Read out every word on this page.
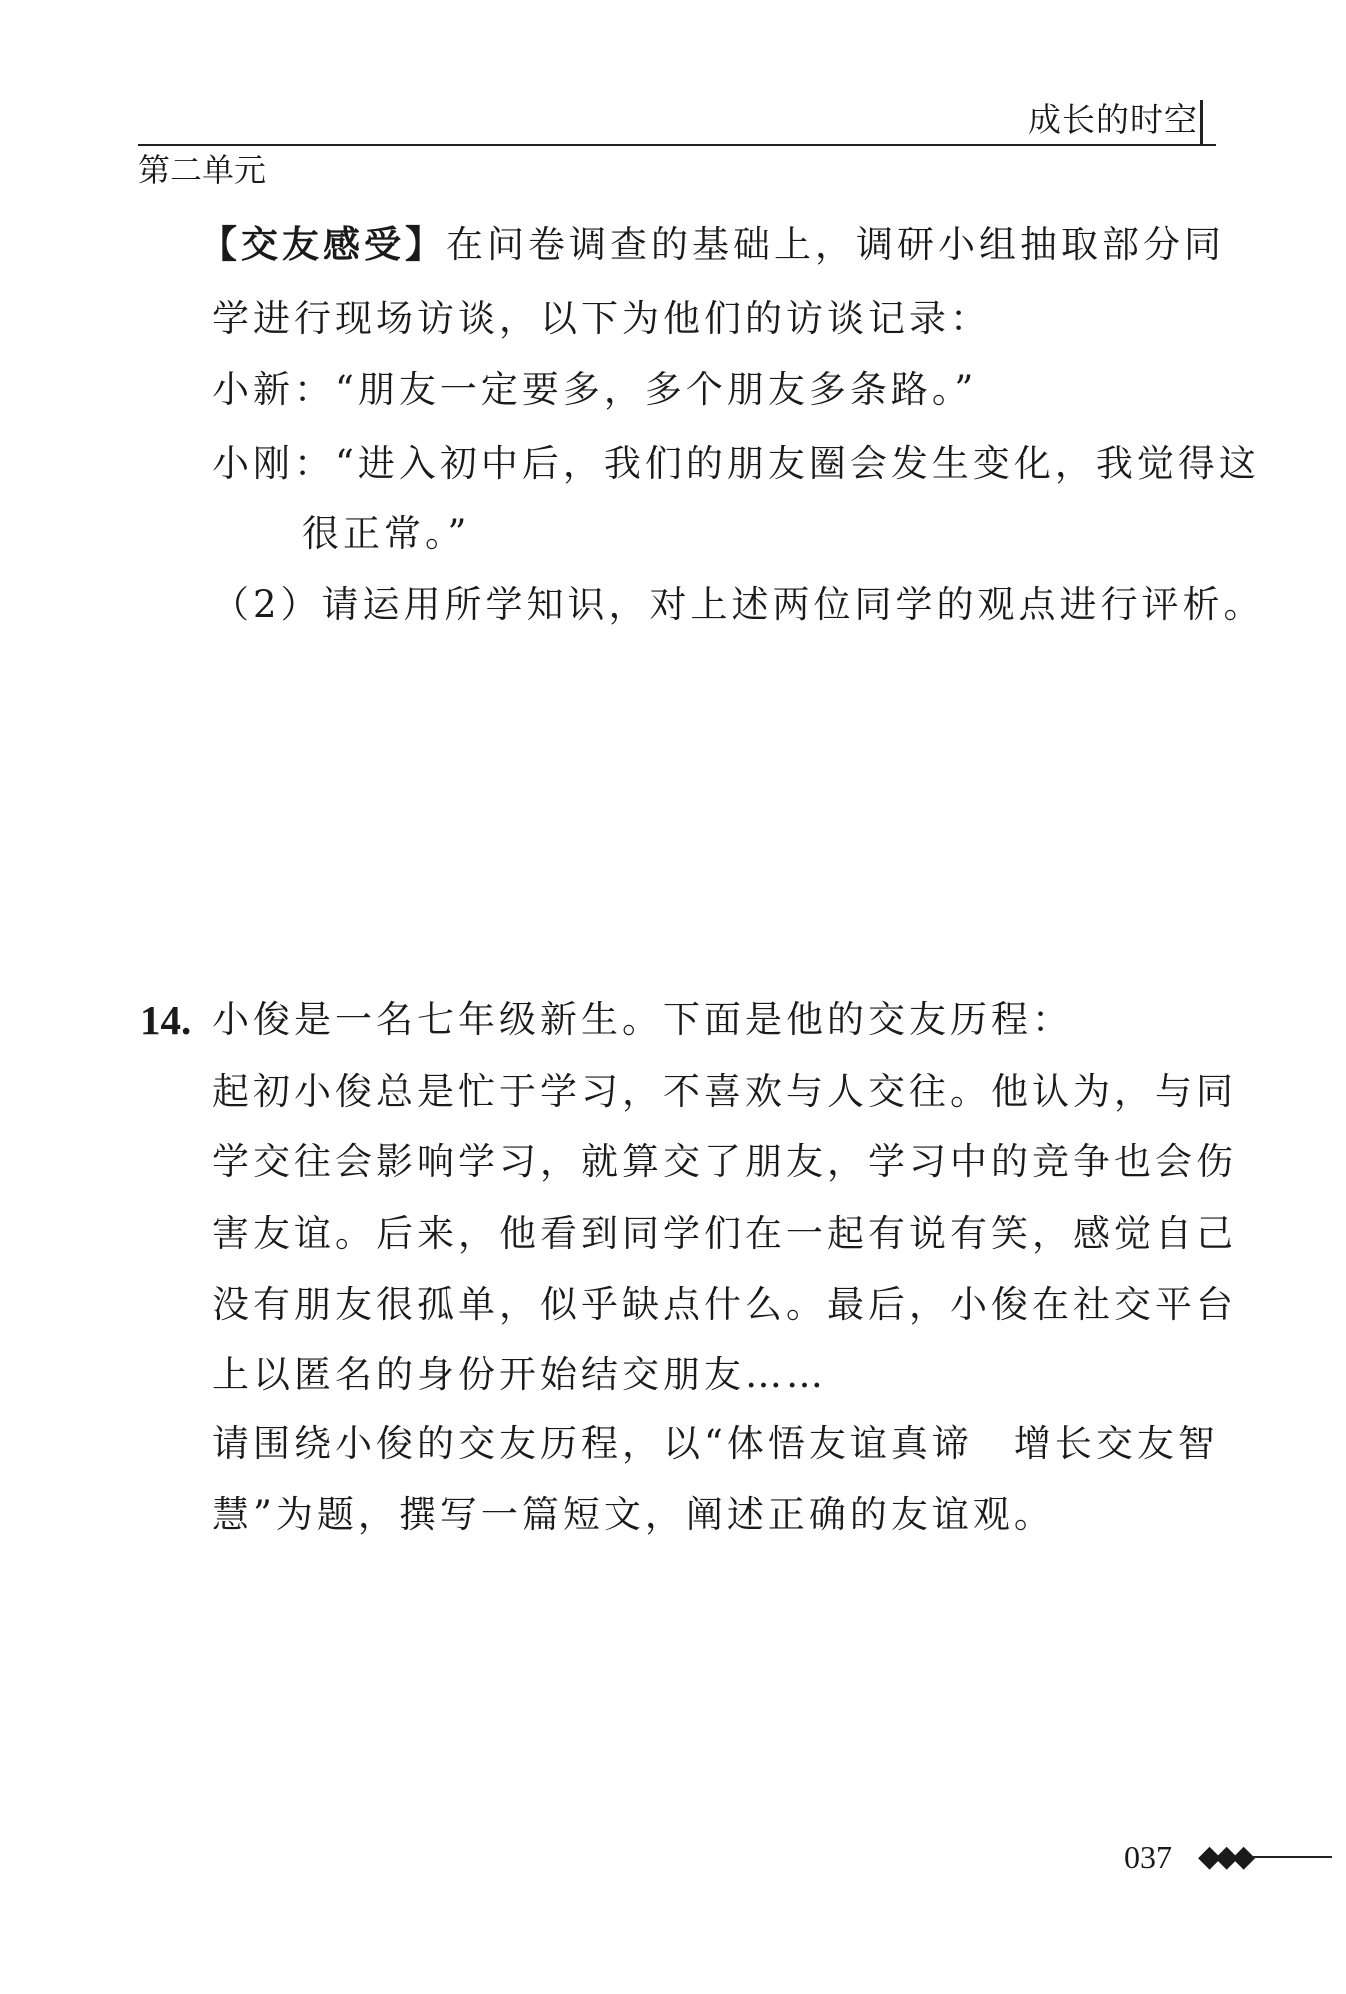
成长的时空
第二单元
【交友感受】在问卷调查的基础上，调研小组抽取部分同
学进行现场访谈，以下为他们的访谈记录：
小新：“朋友一定要多，多个朋友多条路。”
小刚：“进入初中后，我们的朋友圈会发生变化，我觉得这
很正常。”
（2）请运用所学知识，对上述两位同学的观点进行评析。
14. 小俊是一名七年级新生。下面是他的交友历程：
起初小俊总是忙于学习，不喜欢与人交往。他认为，与同
学交往会影响学习，就算交了朋友，学习中的竞争也会伤
害友谊。后来，他看到同学们在一起有说有笑，感觉自己
没有朋友很孤单，似乎缺点什么。最后，小俊在社交平台
上以匿名的身份开始结交朋友……
请围绕小俊的交友历程，以“体悟友谊真谛　增长交友智
慧”为题，撰写一篇短文，阐述正确的友谊观。
037 ◆◆◆
